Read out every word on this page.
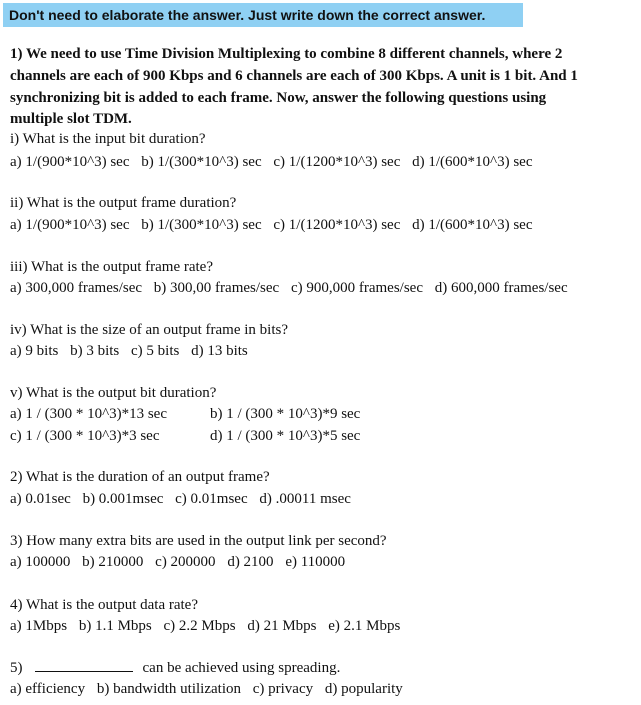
Don't need to elaborate the answer. Just write down the correct answer.
1) We need to use Time Division Multiplexing to combine 8 different channels, where 2
channels are each of 900 Kbps and 6 channels are each of 300 Kbps. A unit is 1 bit. And 1
synchronizing bit is added to each frame. Now, answer the following questions using
multiple slot TDM.
i) What is the input bit duration?
a) 1/(900*10^3) sec b) 1/(300*10^3) sec c) 1/(1200*10^3) sec d) 1/(600*10^3) sec
ii) What is the output frame duration?
a) 1/(900*10^3) sec b) 1/(300*10^3) sec c) 1/(1200*10^3) sec d) 1/(600*10^3) sec
iii) What is the output frame rate?
a) 300,000 frames/sec b) 300,00 frames/sec c) 900,000 frames/sec d) 600,000 frames/sec
iv) What is the size of an output frame in bits?
a) 9 bits b) 3 bits c) 5 bits d) 13 bits
v) What is the output bit duration?
a) 1 / (300 * 10^3)*13 sec	b) 1 / (300 * 10^3)*9 sec
c) 1 / (300 * 10^3)*3 sec	d) 1 / (300 * 10^3)*5 sec
2) What is the duration of an output frame?
a) 0.01sec b) 0.001msec c) 0.01msec d) .00011 msec
3) How many extra bits are used in the output link per second?
a) 100000 b) 210000 c) 200000 d) 2100 e) 110000
4) What is the output data rate?
a) 1Mbps b) 1.1 Mbps c) 2.2 Mbps d) 21 Mbps e) 2.1 Mbps
5)	can be achieved using spreading.
a) efficiency b) bandwidth utilization c) privacy d) popularity
